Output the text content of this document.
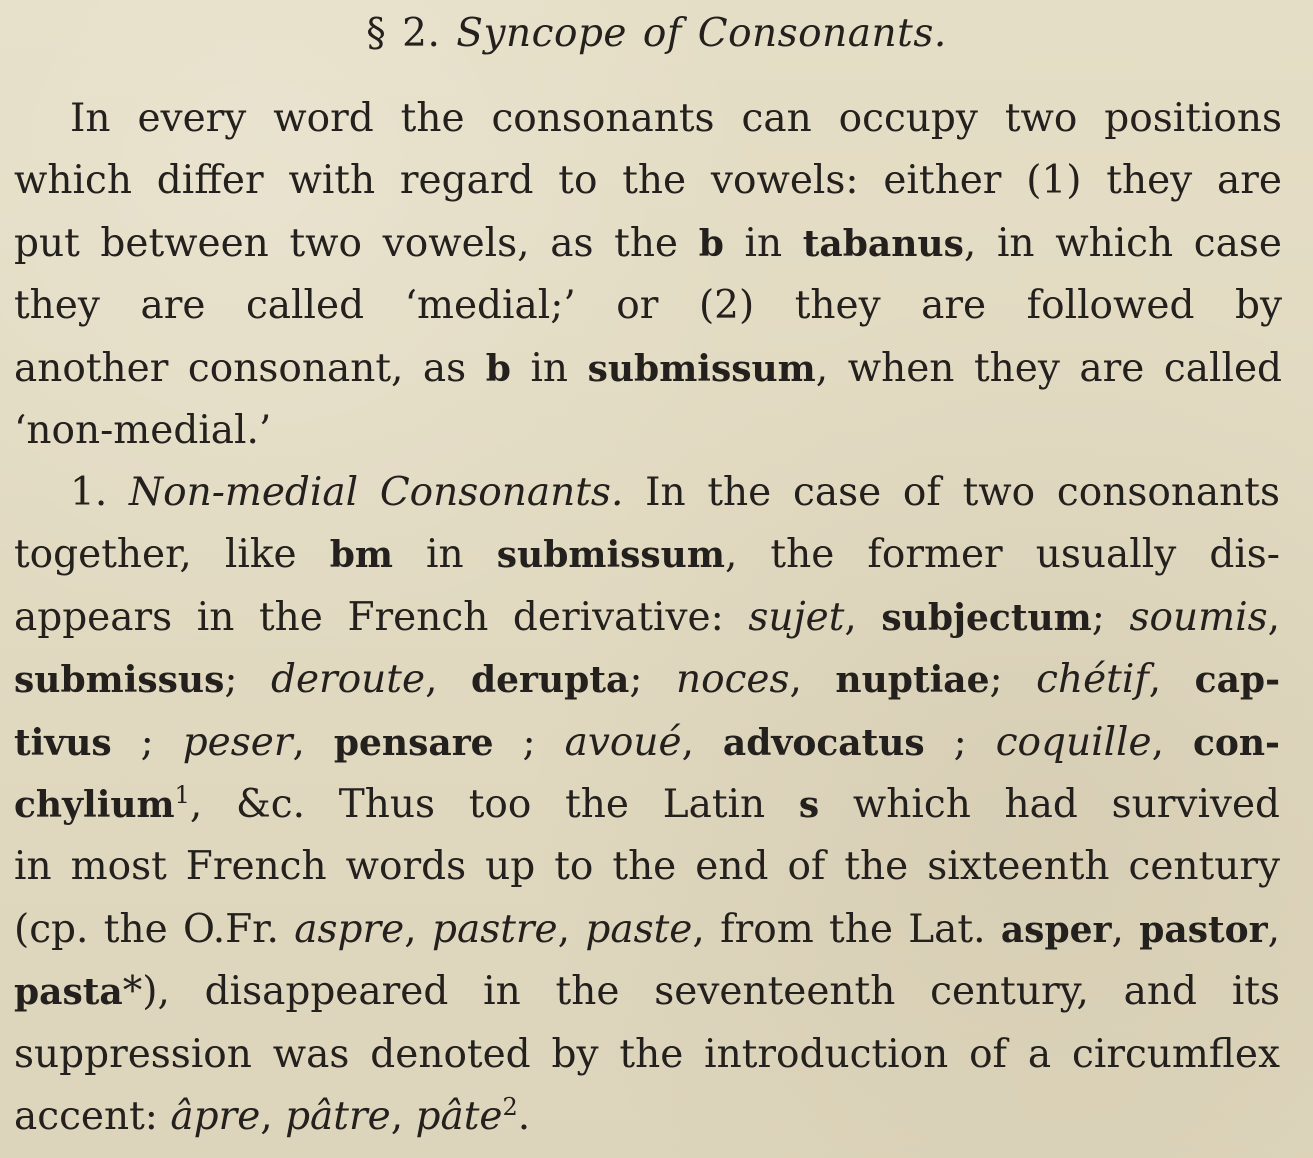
§ 2. Syncope of Consonants.

In every word the consonants can occupy two positions
which differ with regard to the vowels: either (1) they are
put between two vowels, as the b in tabanus, in which case
they are called ‘medial;’ or (2) they are followed by
another consonant, as b in submissum, when they are called
‘non-medial.’

1. Non-medial Consonants. In the case of two consonants
together, like bm in submissum, the former usually dis-
appears in the French derivative: sujet, subjectum; soumis,
submissus; deroute, derupta; noces, nuptiae; chétif, cap-
tivus ; peser, pensare ; avoué, advocatus ; coquille, con-
chylium$^1$, &c. Thus too the Latin s which had survived
in most French words up to the end of the sixteenth century
(cp. the O.Fr. aspre, pastre, paste, from the Lat. asper, pastor,
pasta*), disappeared in the seventeenth century, and its
suppression was denoted by the introduction of a circumflex
accent: âpre, pâtre, pâte$^2$.
